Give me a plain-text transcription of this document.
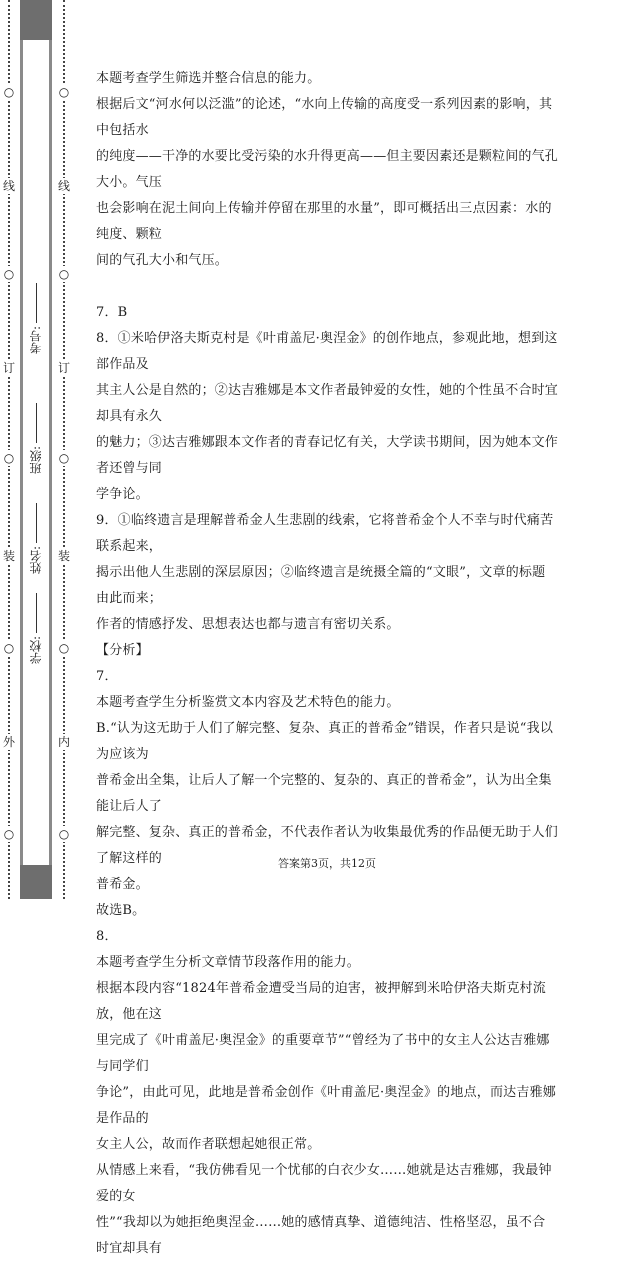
○
线
○
订
○
装
○
外
○
考号:
班级:
姓名:
学校:
○
线
○
订
○
装
○
内
○

本题考查学生筛选并整合信息的能力。

根据后文“河水何以泛滥”的论述，“水向上传输的高度受一系列因素的影响，其中包括水

的纯度——干净的水要比受污染的水升得更高——但主要因素还是颗粒间的气孔大小。气压

也会影响在泥土间向上传输并停留在那里的水量”，即可概括出三点因素：水的纯度、颗粒

间的气孔大小和气压。

7．B

8．①米哈伊洛夫斯克村是《叶甫盖尼·奥涅金》的创作地点，参观此地，想到这部作品及

其主人公是自然的；②达吉雅娜是本文作者最钟爱的女性，她的个性虽不合时宜却具有永久

的魅力；③达吉雅娜跟本文作者的青春记忆有关，大学读书期间，因为她本文作者还曾与同

学争论。

9．①临终遗言是理解普希金人生悲剧的线索，它将普希金个人不幸与时代痛苦联系起来，

揭示出他人生悲剧的深层原因；②临终遗言是统摄全篇的“文眼”，文章的标题由此而来；

作者的情感抒发、思想表达也都与遗言有密切关系。

【分析】

7．

本题考查学生分析鉴赏文本内容及艺术特色的能力。

B.“认为这无助于人们了解完整、复杂、真正的普希金”错误，作者只是说“我以为应该为

普希金出全集，让后人了解一个完整的、复杂的、真正的普希金”，认为出全集能让后人了

解完整、复杂、真正的普希金，不代表作者认为收集最优秀的作品便无助于人们了解这样的

普希金。

故选B。

8．

本题考查学生分析文章情节段落作用的能力。

根据本段内容“1824年普希金遭受当局的迫害，被押解到米哈伊洛夫斯克村流放，他在这

里完成了《叶甫盖尼·奥涅金》的重要章节”“曾经为了书中的女主人公达吉雅娜与同学们

争论”，由此可见，此地是普希金创作《叶甫盖尼·奥涅金》的地点，而达吉雅娜是作品的

女主人公，故而作者联想起她很正常。

从情感上来看，“我仿佛看见一个忧郁的白衣少女……她就是达吉雅娜，我最钟爱的女

性”“我却以为她拒绝奥涅金……她的感情真挚、道德纯洁、性格坚忍，虽不合时宜却具有

答案第3页，共12页
